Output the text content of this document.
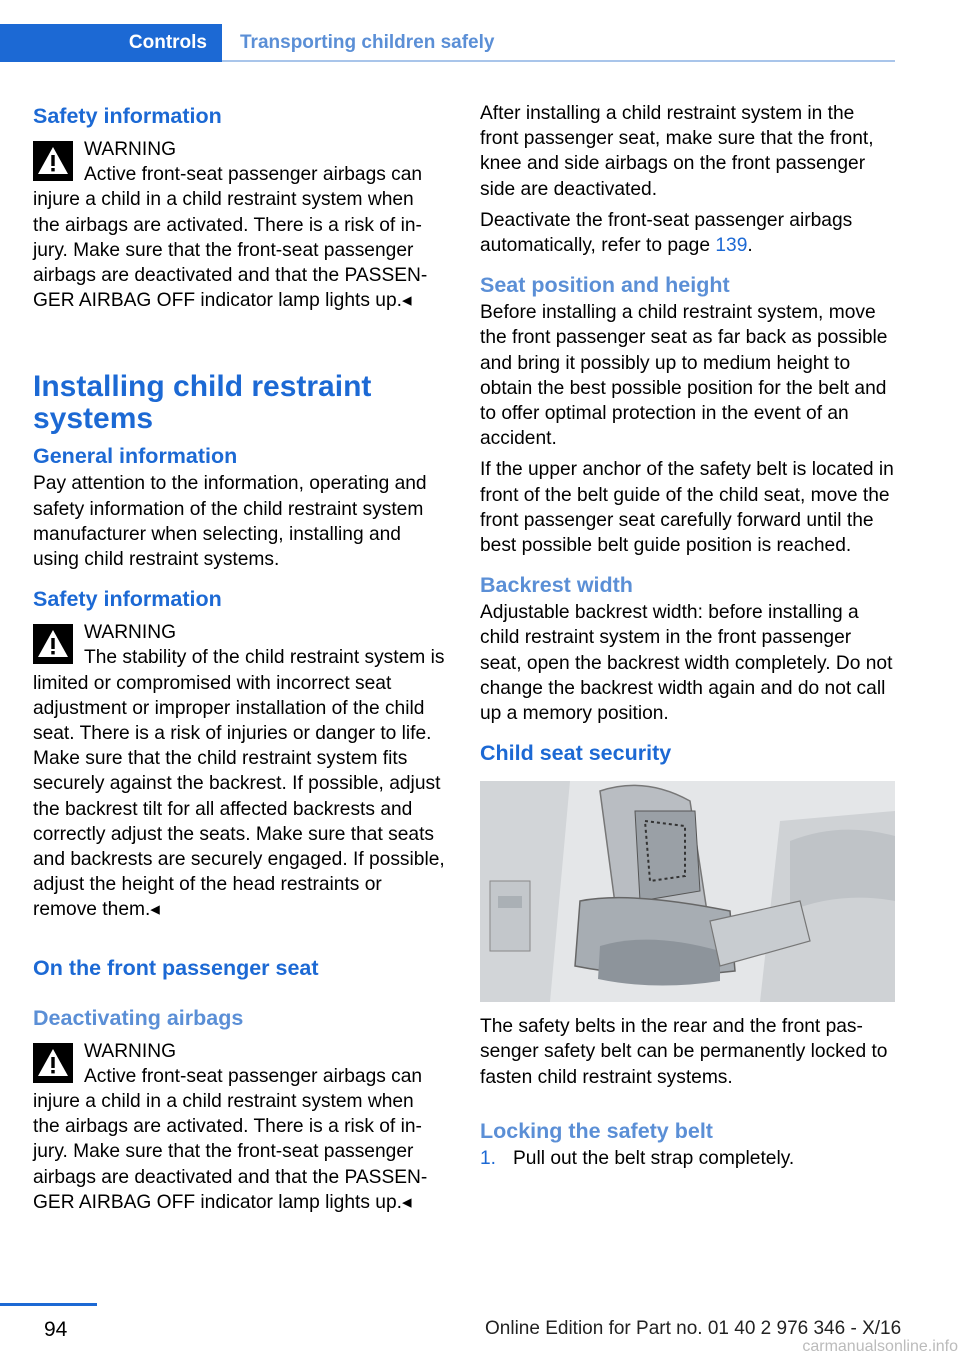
Controls Transporting children safely
Safety information

WARNING

Active front-seat passenger airbags can injure a child in a child restraint system when the airbags are activated. There is a risk of injury. Make sure that the front-seat passenger airbags are deactivated and that the PASSENGER AIRBAG OFF indicator lamp lights up.◂

Installing child restraint systems
General information

Pay attention to the information, operating and safety information of the child restraint system manufacturer when selecting, installing and using child restraint systems.

Safety information

WARNING

The stability of the child restraint system is limited or compromised with incorrect seat adjustment or improper installation of the child seat. There is a risk of injuries or danger to life. Make sure that the child restraint system fits securely against the backrest. If possible, adjust the backrest tilt for all affected backrests and correctly adjust the seats. Make sure that seats and backrests are securely engaged. If possible, adjust the height of the head restraints or remove them.◂

On the front passenger seat
Deactivating airbags

WARNING

Active front-seat passenger airbags can injure a child in a child restraint system when the airbags are activated. There is a risk of injury. Make sure that the front-seat passenger airbags are deactivated and that the PASSENGER AIRBAG OFF indicator lamp lights up.◂

After installing a child restraint system in the front passenger seat, make sure that the front, knee and side airbags on the front passenger side are deactivated.

Deactivate the front-seat passenger airbags automatically, refer to page 139.

Seat position and height

Before installing a child restraint system, move the front passenger seat as far back as possible and bring it possibly up to medium height to obtain the best possible position for the belt and to offer optimal protection in the event of an accident.

If the upper anchor of the safety belt is located in front of the belt guide of the child seat, move the front passenger seat carefully forward until the best possible belt guide position is reached.

Backrest width

Adjustable backrest width: before installing a child restraint system in the front passenger seat, open the backrest width completely. Do not change the backrest width again and do not call up a memory position.

Child seat security

The safety belts in the rear and the front passenger safety belt can be permanently locked to fasten child restraint systems.

Locking the safety belt
1. Pull out the belt strap completely.
94	Online Edition for Part no. 01 40 2 976 346 - X/16
carmanualsonline.info
